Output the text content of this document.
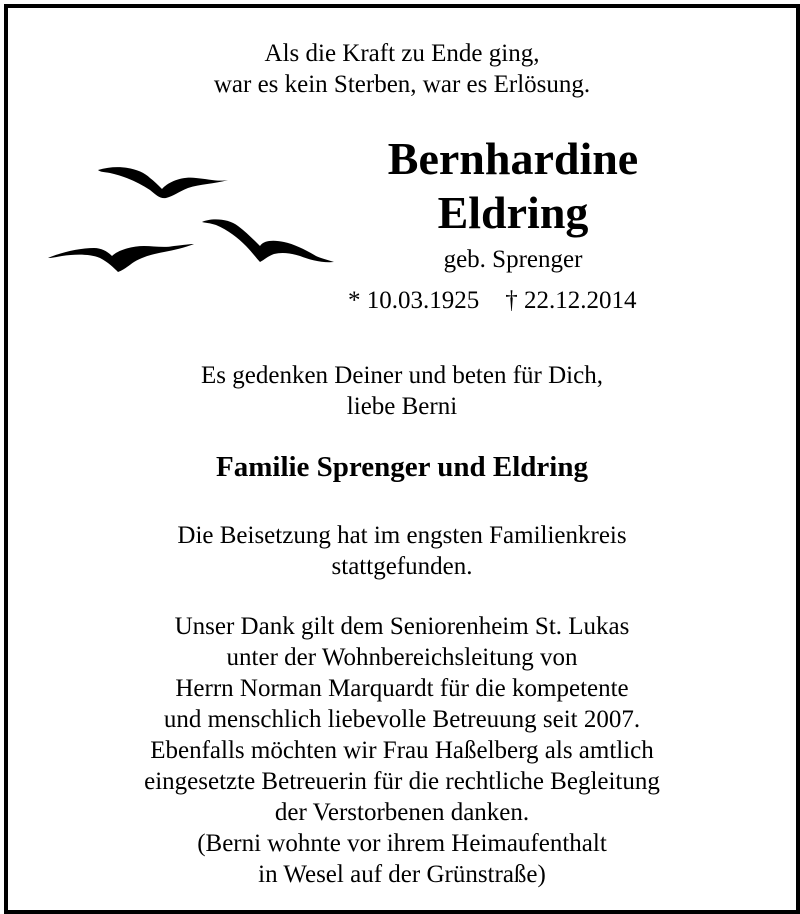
Als die Kraft zu Ende ging,
war es kein Sterben, war es Erlösung.
Bernhardine
Eldring
geb. Sprenger
* 10.03.1925 † 22.12.2014
Es gedenken Deiner und beten für Dich,
liebe Berni
Familie Sprenger und Eldring
Die Beisetzung hat im engsten Familienkreis
stattgefunden.
Unser Dank gilt dem Seniorenheim St. Lukas
unter der Wohnbereichsleitung von
Herrn Norman Marquardt für die kompetente
und menschlich liebevolle Betreuung seit 2007.
Ebenfalls möchten wir Frau Haßelberg als amtlich
eingesetzte Betreuerin für die rechtliche Begleitung
der Verstorbenen danken.
(Berni wohnte vor ihrem Heimaufenthalt
in Wesel auf der Grünstraße)
